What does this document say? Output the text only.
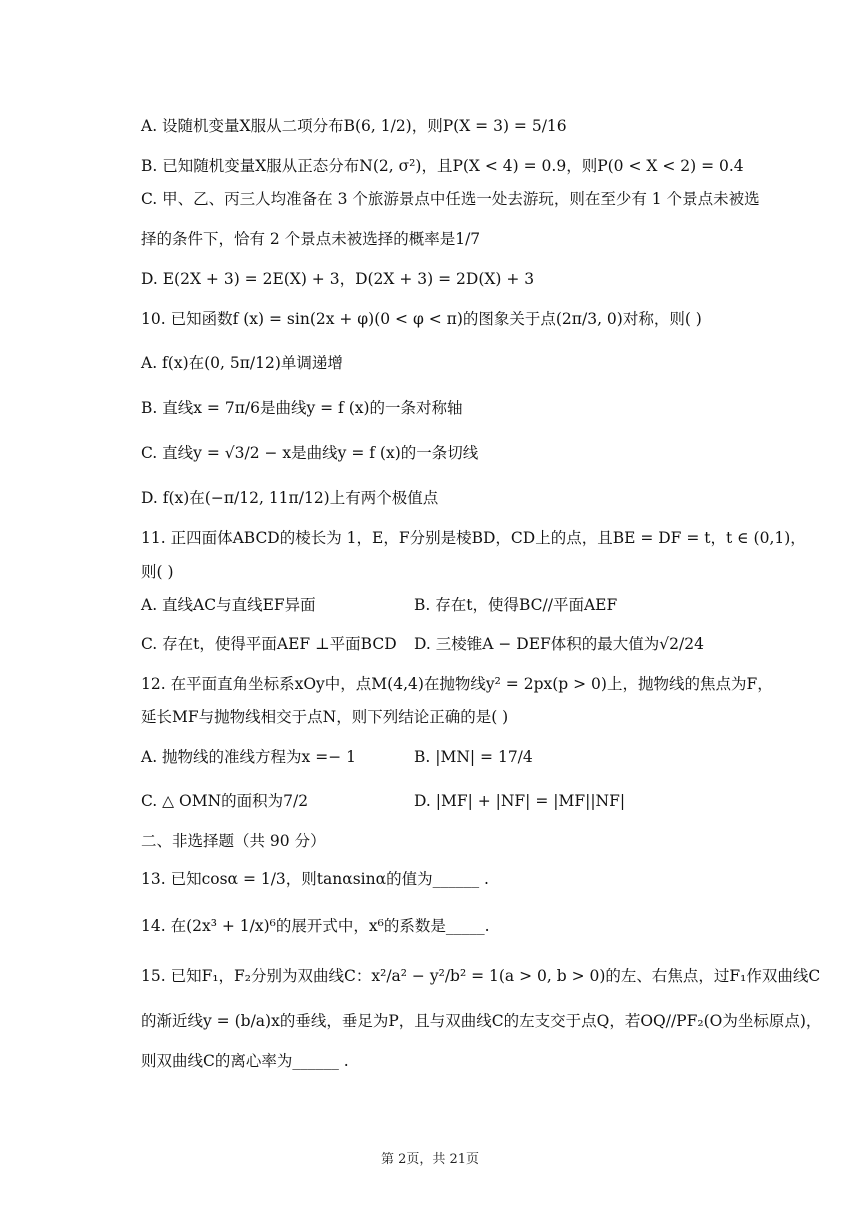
A. 设随机变量X服从二项分布B(6, 1/2)，则P(X = 3) = 5/16
B. 已知随机变量X服从正态分布N(2, σ²)，且P(X < 4) = 0.9，则P(0 < X < 2) = 0.4
C. 甲、乙、丙三人均准备在 3 个旅游景点中任选一处去游玩，则在至少有 1 个景点未被选
择的条件下，恰有 2 个景点未被选择的概率是1/7
D. E(2X + 3) = 2E(X) + 3，D(2X + 3) = 2D(X) + 3
10. 已知函数f (x) = sin(2x + φ)(0 < φ < π)的图象关于点(2π/3, 0)对称，则( )
A. f(x)在(0, 5π/12)单调递增
B. 直线x = 7π/6是曲线y = f (x)的一条对称轴
C. 直线y = √3/2 − x是曲线y = f (x)的一条切线
D. f(x)在(−π/12, 11π/12)上有两个极值点
11. 正四面体ABCD的棱长为 1，E，F分别是棱BD，CD上的点，且BE = DF = t，t ∈ (0,1)，
则( )
A. 直线AC与直线EF异面	B. 存在t，使得BC//平面AEF
C. 存在t，使得平面AEF ⊥平面BCD	D. 三棱锥A − DEF体积的最大值为√2/24
12. 在平面直角坐标系xOy中，点M(4,4)在抛物线y² = 2px(p > 0)上，抛物线的焦点为F，
延长MF与抛物线相交于点N，则下列结论正确的是( )
A. 抛物线的准线方程为x =− 1	B. |MN| = 17/4
C. △ OMN的面积为7/2	D. |MF| + |NF| = |MF||NF|
二、非选择题（共 90 分）
13. 已知cosα = 1/3，则tanαsinα的值为______ .
14. 在(2x³ + 1/x)⁶的展开式中，x⁶的系数是_____.
15. 已知F₁，F₂分别为双曲线C：x²/a² − y²/b² = 1(a > 0, b > 0)的左、右焦点，过F₁作双曲线C
的渐近线y = (b/a)x的垂线，垂足为P，且与双曲线C的左支交于点Q，若OQ//PF₂(O为坐标原点)，
则双曲线C的离心率为______ .
第 2页，共 21页
